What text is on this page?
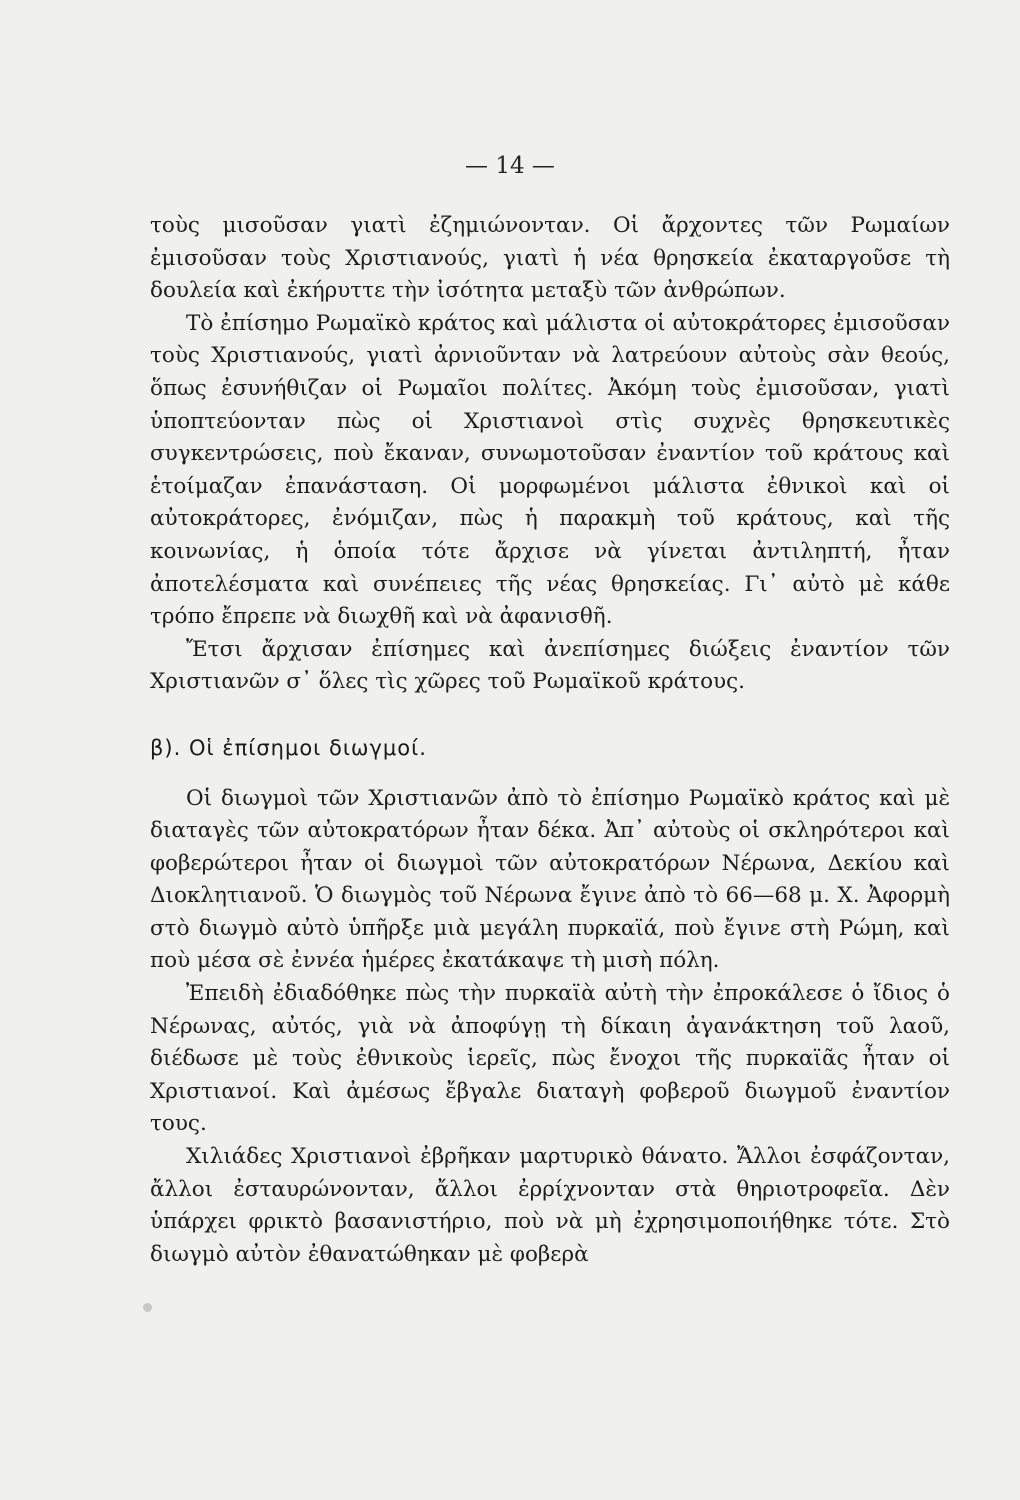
— 14 —

τοὺς μισοῦσαν γιατὶ ἐζημιώνονταν. Οἱ ἄρχοντες τῶν Ρωμαίων ἐμισοῦσαν τοὺς Χριστιανούς, γιατὶ ἡ νέα θρησκεία ἐκαταργοῦσε τὴ δουλεία καὶ ἐκήρυττε τὴν ἰσότητα μεταξὺ τῶν ἀνθρώπων.

Τὸ ἐπίσημο Ρωμαϊκὸ κράτος καὶ μάλιστα οἱ αὐτοκράτορες ἐμισοῦσαν τοὺς Χριστιανούς, γιατὶ ἀρνιοῦνταν νὰ λατρεύουν αὐτοὺς σὰν θεούς, ὅπως ἐσυνήθιζαν οἱ Ρωμαῖοι πολίτες. Ἀκόμη τοὺς ἐμισοῦσαν, γιατὶ ὑποπτεύονταν πὼς οἱ Χριστιανοὶ στὶς συχνὲς θρησκευτικὲς συγκεντρώσεις, ποὺ ἔκαναν, συνωμοτοῦσαν ἐναντίον τοῦ κράτους καὶ ἑτοίμαζαν ἐπανάσταση. Οἱ μορφωμένοι μάλιστα ἐθνικοὶ καὶ οἱ αὐτοκράτορες, ἐνόμιζαν, πὼς ἡ παρακμὴ τοῦ κράτους, καὶ τῆς κοινωνίας, ἡ ὁποία τότε ἄρχισε νὰ γίνεται ἀντιληπτή, ἦταν ἀποτελέσματα καὶ συνέπειες τῆς νέας θρησκείας. Γι᾿ αὐτὸ μὲ κάθε τρόπο ἔπρεπε νὰ διωχθῆ καὶ νὰ ἀφανισθῆ.

Ἔτσι ἄρχισαν ἐπίσημες καὶ ἀνεπίσημες διώξεις ἐναντίον τῶν Χριστιανῶν σ᾿ ὅλες τὶς χῶρες τοῦ Ρωμαϊκοῦ κράτους.

β). Οἱ ἐπίσημοι διωγμοί.

Οἱ διωγμοὶ τῶν Χριστιανῶν ἀπὸ τὸ ἐπίσημο Ρωμαϊκὸ κράτος καὶ μὲ διαταγὲς τῶν αὐτοκρατόρων ἦταν δέκα. Ἀπ᾿ αὐτοὺς οἱ σκληρότεροι καὶ φοβερώτεροι ἦταν οἱ διωγμοὶ τῶν αὐτοκρατόρων Νέρωνα, Δεκίου καὶ Διοκλητιανοῦ. Ὁ διωγμὸς τοῦ Νέρωνα ἔγινε ἀπὸ τὸ 66—68 μ. Χ. Ἀφορμὴ στὸ διωγμὸ αὐτὸ ὑπῆρξε μιὰ μεγάλη πυρκαϊά, ποὺ ἔγινε στὴ Ρώμη, καὶ ποὺ μέσα σὲ ἐννέα ἡμέρες ἐκατάκαψε τὴ μισὴ πόλη.

Ἐπειδὴ ἐδιαδόθηκε πὼς τὴν πυρκαϊὰ αὐτὴ τὴν ἐπροκάλεσε ὁ ἴδιος ὁ Νέρωνας, αὐτός, γιὰ νὰ ἀποφύγῃ τὴ δίκαιη ἀγανάκτηση τοῦ λαοῦ, διέδωσε μὲ τοὺς ἐθνικοὺς ἱερεῖς, πὼς ἔνοχοι τῆς πυρκαϊᾶς ἦταν οἱ Χριστιανοί. Καὶ ἀμέσως ἔβγαλε διαταγὴ φοβεροῦ διωγμοῦ ἐναντίον τους.

Χιλιάδες Χριστιανοὶ ἐβρῆκαν μαρτυρικὸ θάνατο. Ἄλλοι ἐσφάζονταν, ἄλλοι ἐσταυρώνονταν, ἄλλοι ἐρρίχνονταν στὰ θηριοτροφεῖα. Δὲν ὑπάρχει φρικτὸ βασανιστήριο, ποὺ νὰ μὴ ἐχρησιμοποιήθηκε τότε. Στὸ διωγμὸ αὐτὸν ἐθανατώθηκαν μὲ φοβερὰ
